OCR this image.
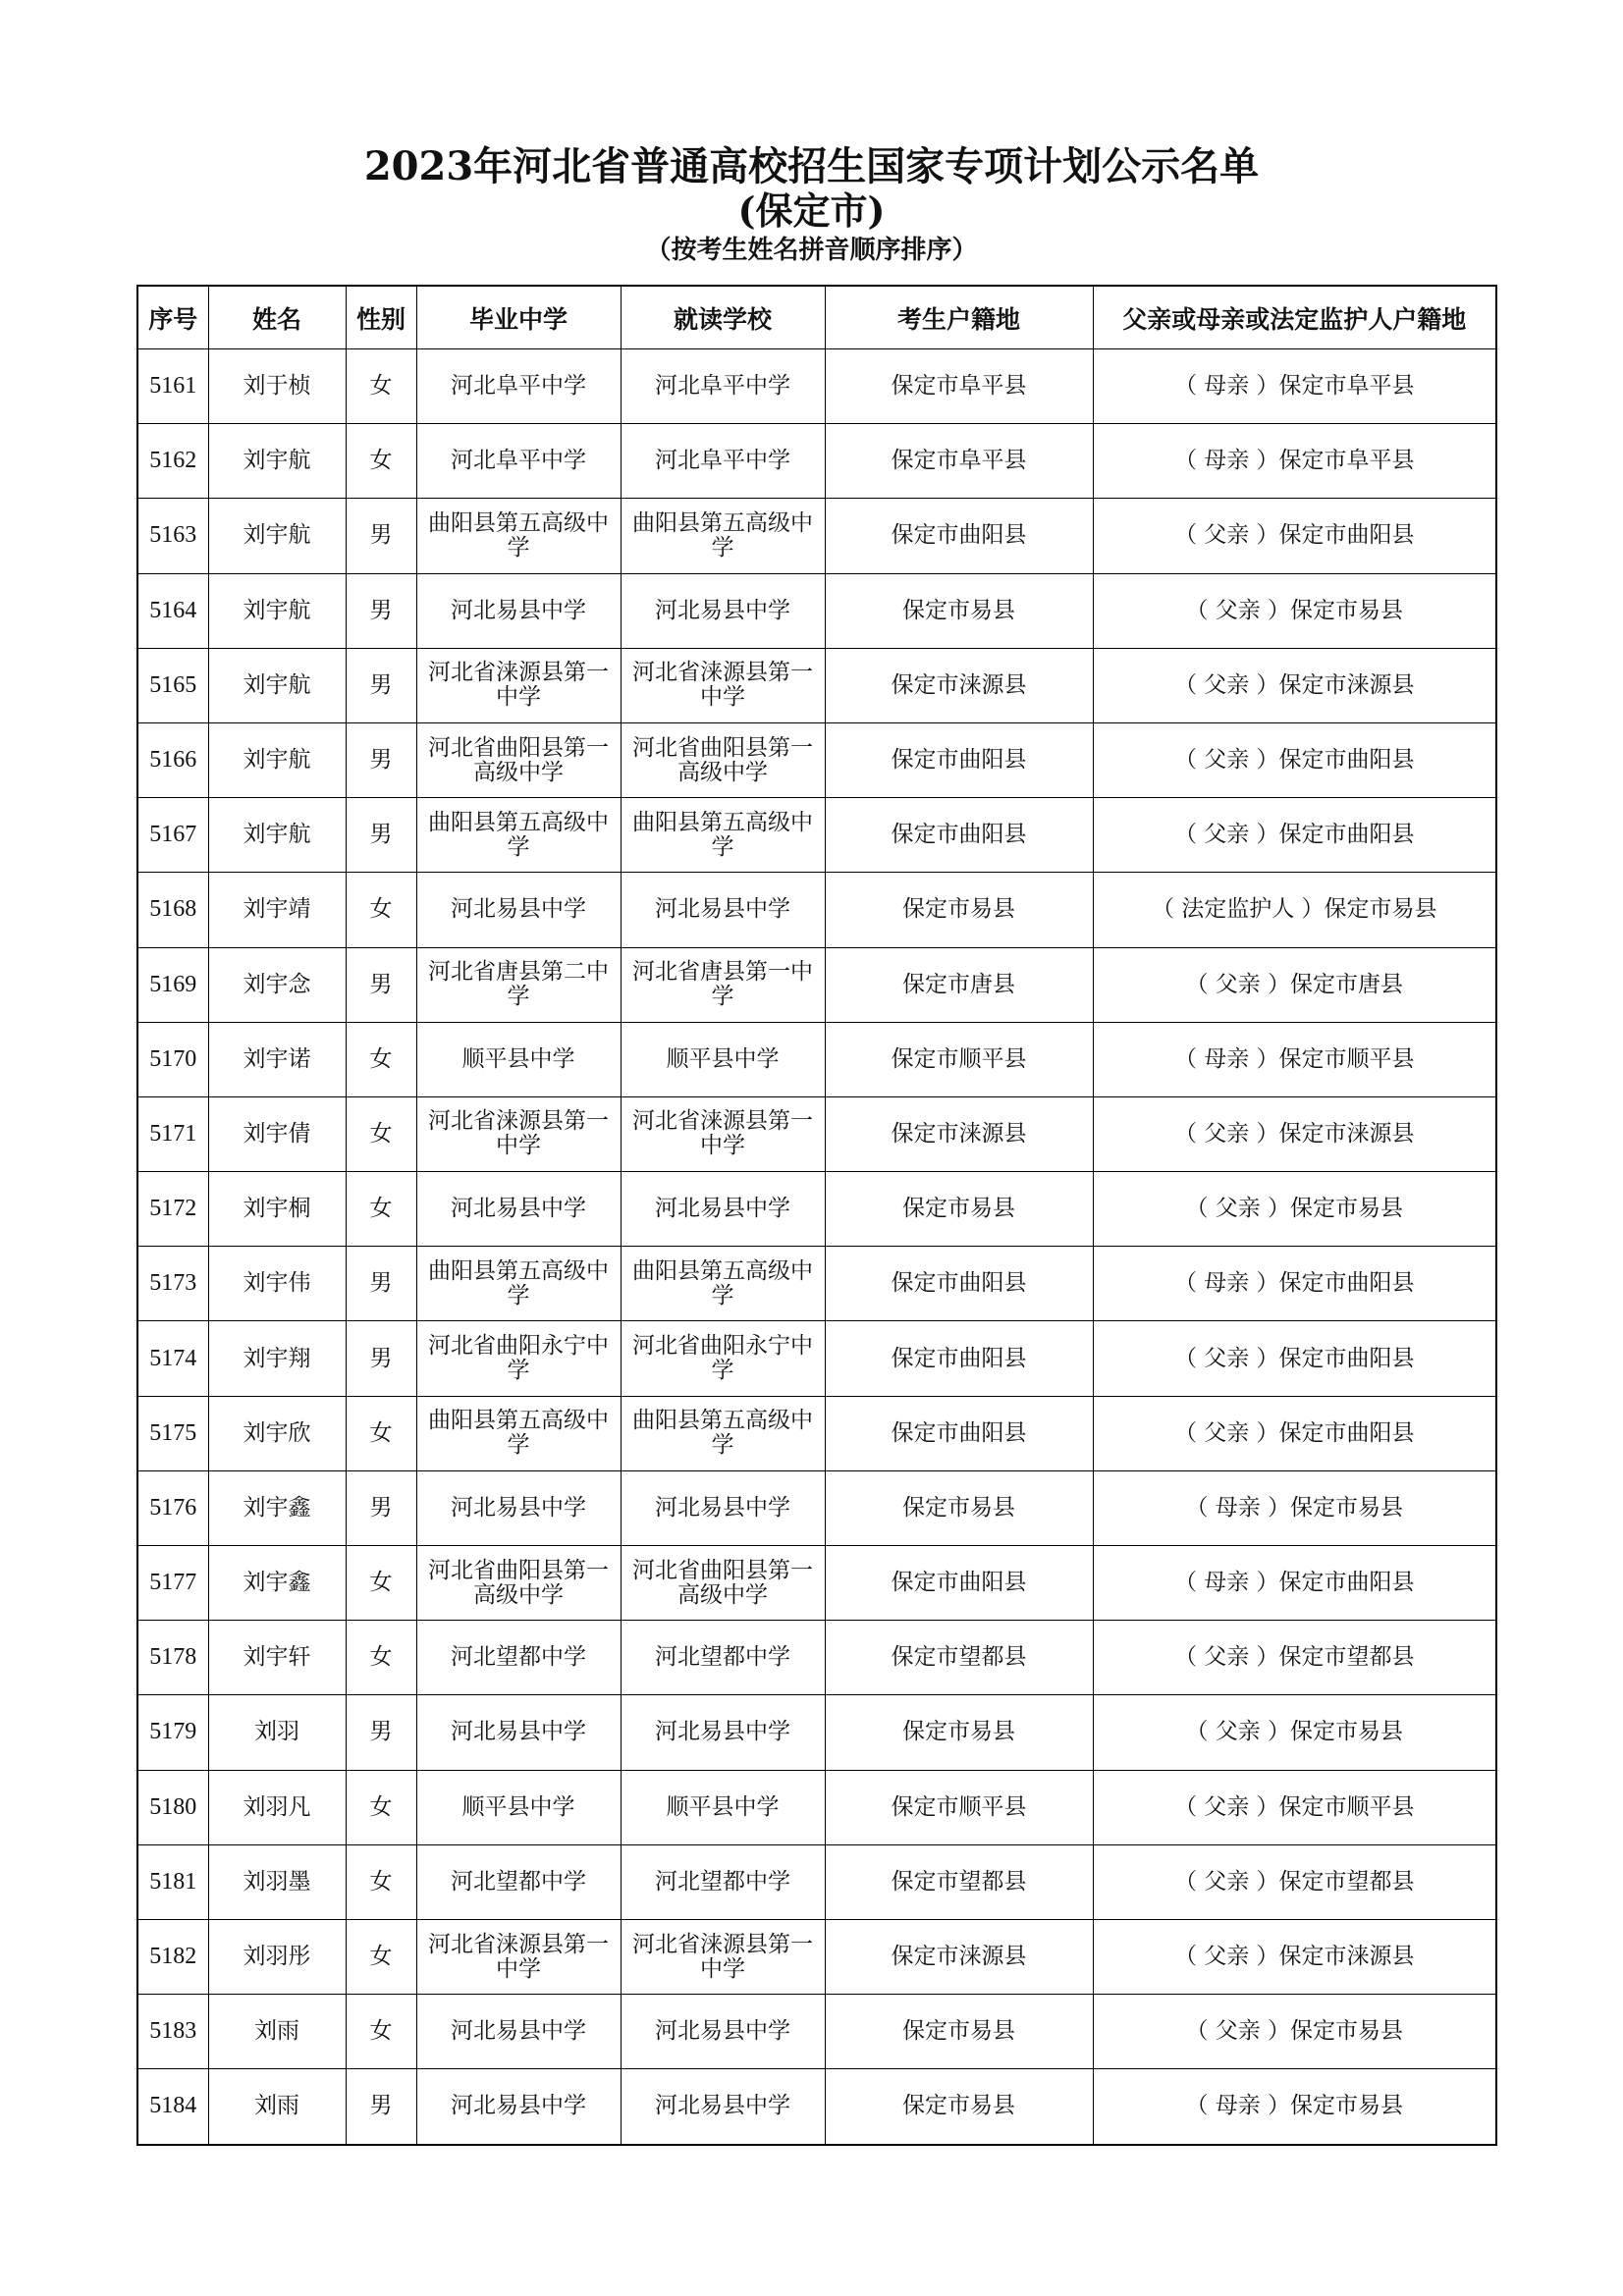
2023年河北省普通高校招生国家专项计划公示名单
(保定市)
（按考生姓名拼音顺序排序）
序号	姓名	性别	毕业中学	就读学校	考生户籍地	父亲或母亲或法定监护人户籍地
5161	刘于桢	女	河北阜平中学	河北阜平中学	保定市阜平县	（ 母亲 ）保定市阜平县
5162	刘宇航	女	河北阜平中学	河北阜平中学	保定市阜平县	（ 母亲 ）保定市阜平县
5163	刘宇航	男	曲阳县第五高级中学	曲阳县第五高级中学	保定市曲阳县	（ 父亲 ）保定市曲阳县
5164	刘宇航	男	河北易县中学	河北易县中学	保定市易县	（ 父亲 ）保定市易县
5165	刘宇航	男	河北省涞源县第一中学	河北省涞源县第一中学	保定市涞源县	（ 父亲 ）保定市涞源县
5166	刘宇航	男	河北省曲阳县第一高级中学	河北省曲阳县第一高级中学	保定市曲阳县	（ 父亲 ）保定市曲阳县
5167	刘宇航	男	曲阳县第五高级中学	曲阳县第五高级中学	保定市曲阳县	（ 父亲 ）保定市曲阳县
5168	刘宇靖	女	河北易县中学	河北易县中学	保定市易县	（ 法定监护人 ）保定市易县
5169	刘宇念	男	河北省唐县第二中学	河北省唐县第一中学	保定市唐县	（ 父亲 ）保定市唐县
5170	刘宇诺	女	顺平县中学	顺平县中学	保定市顺平县	（ 母亲 ）保定市顺平县
5171	刘宇倩	女	河北省涞源县第一中学	河北省涞源县第一中学	保定市涞源县	（ 父亲 ）保定市涞源县
5172	刘宇桐	女	河北易县中学	河北易县中学	保定市易县	（ 父亲 ）保定市易县
5173	刘宇伟	男	曲阳县第五高级中学	曲阳县第五高级中学	保定市曲阳县	（ 母亲 ）保定市曲阳县
5174	刘宇翔	男	河北省曲阳永宁中学	河北省曲阳永宁中学	保定市曲阳县	（ 父亲 ）保定市曲阳县
5175	刘宇欣	女	曲阳县第五高级中学	曲阳县第五高级中学	保定市曲阳县	（ 父亲 ）保定市曲阳县
5176	刘宇鑫	男	河北易县中学	河北易县中学	保定市易县	（ 母亲 ）保定市易县
5177	刘宇鑫	女	河北省曲阳县第一高级中学	河北省曲阳县第一高级中学	保定市曲阳县	（ 母亲 ）保定市曲阳县
5178	刘宇轩	女	河北望都中学	河北望都中学	保定市望都县	（ 父亲 ）保定市望都县
5179	刘羽	男	河北易县中学	河北易县中学	保定市易县	（ 父亲 ）保定市易县
5180	刘羽凡	女	顺平县中学	顺平县中学	保定市顺平县	（ 父亲 ）保定市顺平县
5181	刘羽墨	女	河北望都中学	河北望都中学	保定市望都县	（ 父亲 ）保定市望都县
5182	刘羽彤	女	河北省涞源县第一中学	河北省涞源县第一中学	保定市涞源县	（ 父亲 ）保定市涞源县
5183	刘雨	女	河北易县中学	河北易县中学	保定市易县	（ 父亲 ）保定市易县
5184	刘雨	男	河北易县中学	河北易县中学	保定市易县	（ 母亲 ）保定市易县
